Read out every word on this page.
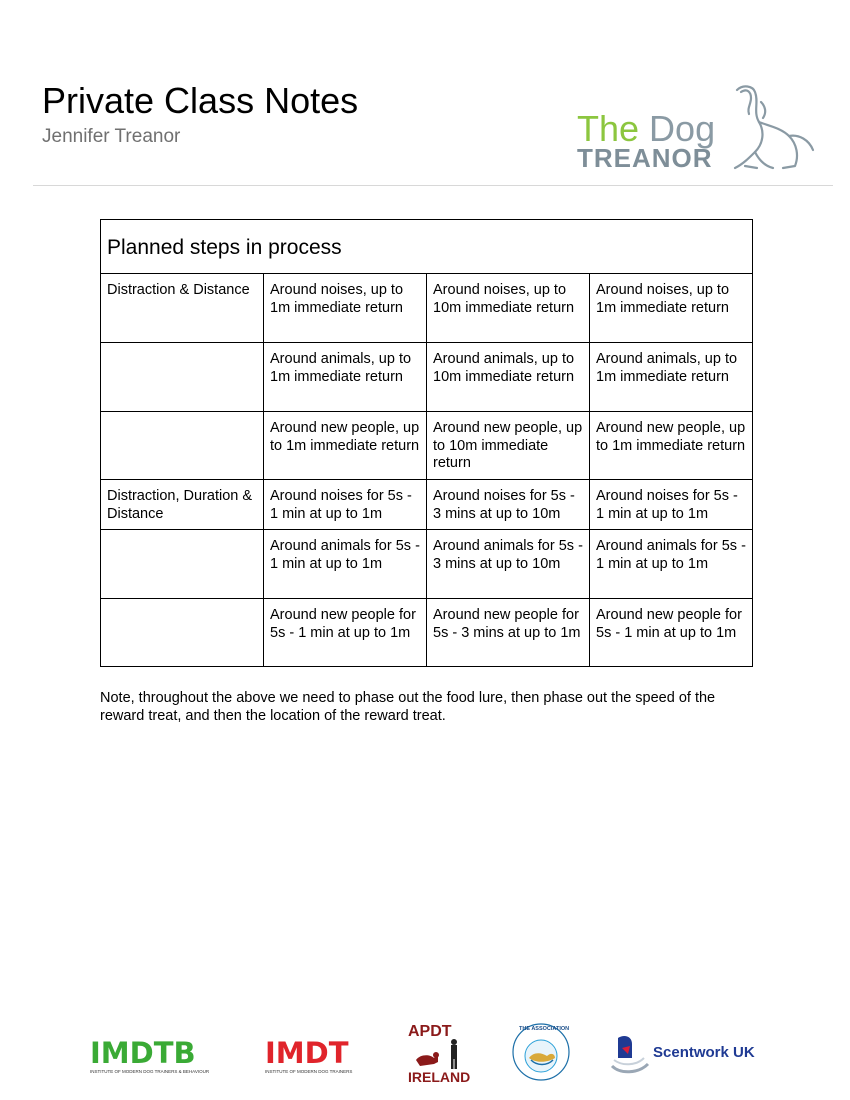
Private Class Notes
Jennifer Treanor	The Dog
TREANOR
Planned steps in process			
Distraction & Distance	Around noises, up to 1m immediate return	Around noises, up to 10m immediate return	Around noises, up to 1m immediate return
	Around animals, up to 1m immediate return	Around animals, up to 10m immediate return	Around animals, up to 1m immediate return
	Around new people, up to 1m immediate return	Around new people, up to 10m immediate return	Around new people, up to 1m immediate return
Distraction, Duration & Distance	Around noises for 5s - 1 min at up to 1m	Around noises for 5s - 3 mins at up to 10m	Around noises for 5s - 1 min at up to 1m
	Around animals for 5s - 1 min at up to 1m	Around animals for 5s - 3 mins at up to 10m	Around animals for 5s - 1 min at up to 1m
	Around new people for 5s - 1 min at up to 1m	Around new people for 5s - 3 mins at up to 1m	Around new people for 5s - 1 min at up to 1m
Note, throughout the above we need to phase out the food lure, then phase out the speed of the reward treat, and then the location of the reward treat.
IMDTB
INSTITUTE OF MODERN DOG TRAINERS & BEHAVIOUR
IMDT
INSTITUTE OF MODERN DOG TRAINERS
APDT
IRELAND
THE ASSOCIATION
Scentwork UK
